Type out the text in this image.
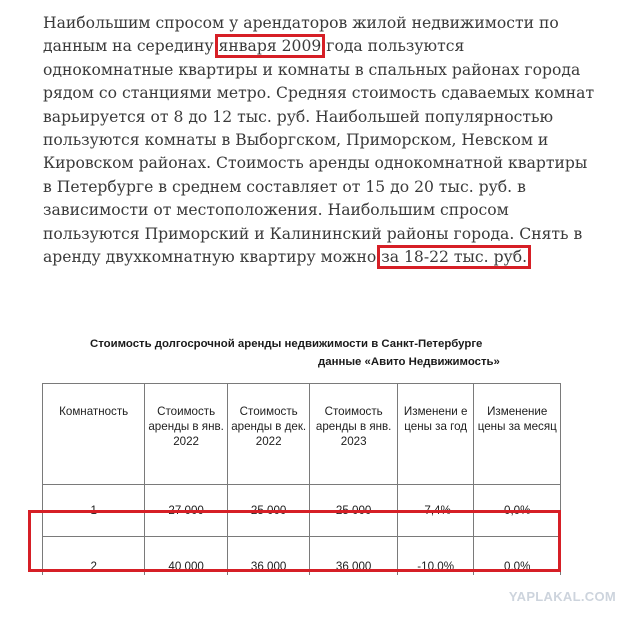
Наибольшим спросом у арендаторов жилой недвижимости по
данным на середину января 2009 года пользуются
однокомнатные квартиры и комнаты в спальных районах города
рядом со станциями метро. Средняя стоимость сдаваемых комнат
варьируется от 8 до 12 тыс. руб. Наибольшей популярностью
пользуются комнаты в Выборгском, Приморском, Невском и
Кировском районах. Стоимость аренды однокомнатной квартиры
в Петербурге в среднем составляет от 15 до 20 тыс. руб. в
зависимости от местоположения. Наибольшим спросом
пользуются Приморский и Калининский районы города. Снять в
аренду двухкомнатную квартиру можно за 18-22 тыс. руб.

Стоимость долгосрочной аренды недвижимости в Санкт-Петербурге

данные «Авито Недвижимость»

Комнатность	Стоимость аренды в янв. 2022	Стоимость аренды в дек. 2022	Стоимость аренды в янв. 2023	Изменени е цены за год	Изменение цены за месяц
1	27 000	25 000	25 000	-7,4%	0,0%
2	40 000	36 000	36 000	-10,0%	0,0%
YAPLAKAL.COM
